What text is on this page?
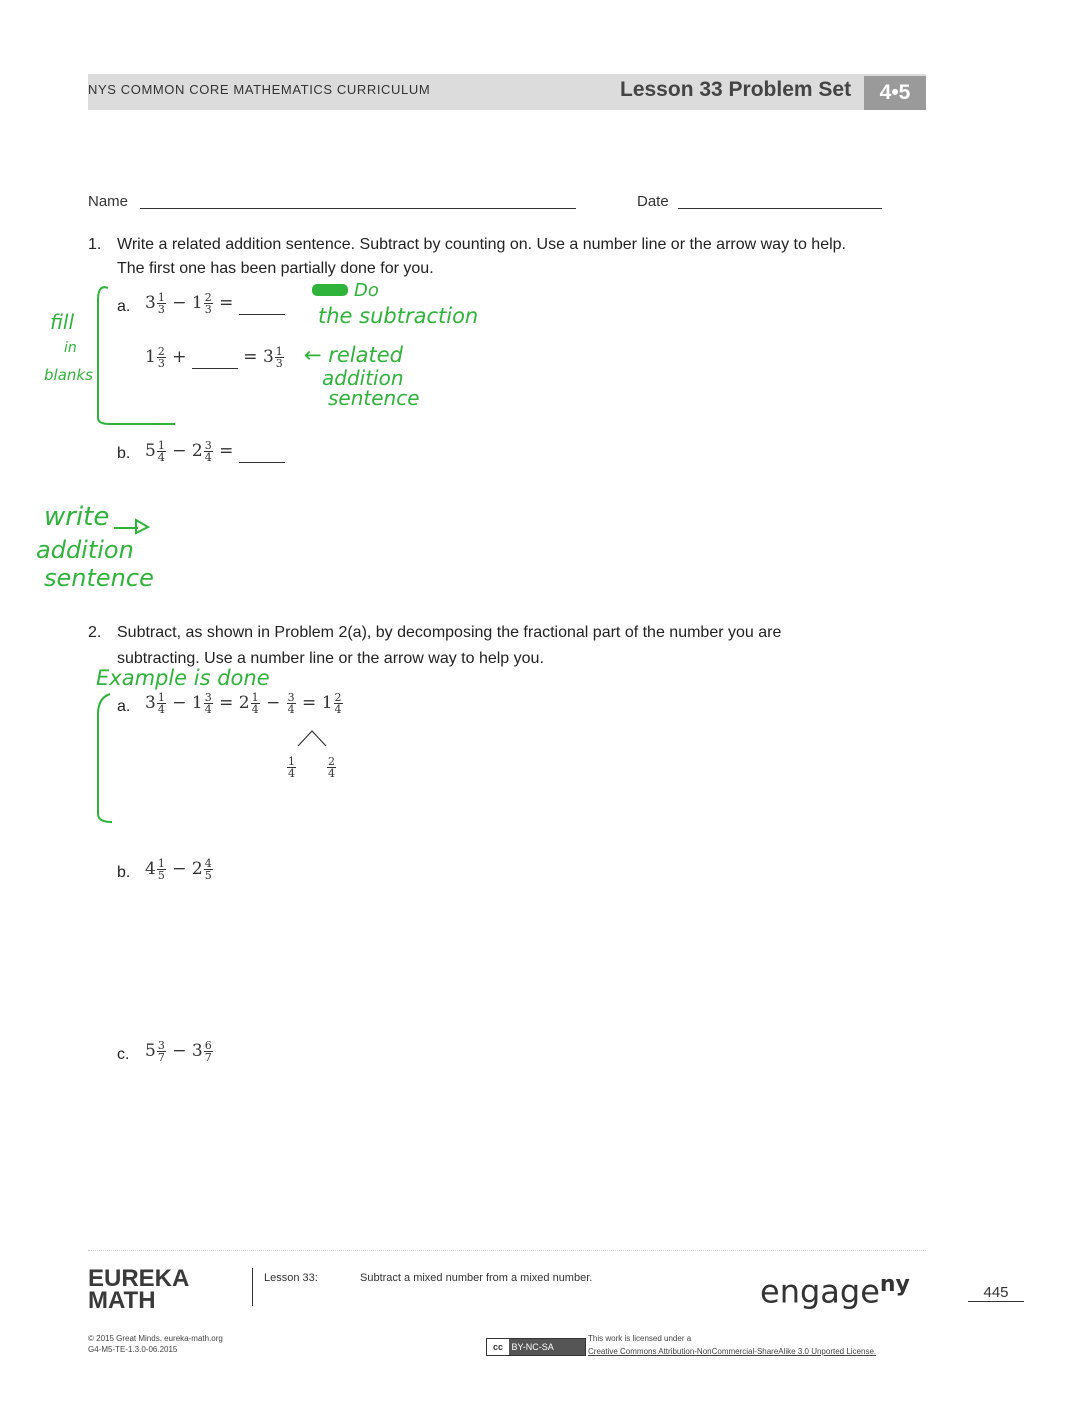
NYS COMMON CORE MATHEMATICS CURRICULUM	Lesson 33 Problem Set	4•5
Name	Date
1. Write a related addition sentence. Subtract by counting on. Use a number line or the arrow way to help.
The first one has been partially done for you.
a. $3 \frac{1}{3} - 1 \frac{2}{3}$ =
$1 \frac{2}{3}$ +	= $3 \frac{1}{3}$
b. $5 \frac{1}{4} - 2 \frac{3}{4}$ =
fill
in
blanks
Do
the subtraction
← related
addition
sentence
write
addition
sentence
2. Subtract, as shown in Problem 2(a), by decomposing the fractional part of the number you are
subtracting. Use a number line or the arrow way to help you.
Example is done
a. $3 \frac{1}{4} - 1 \frac{3}{4} = 2 \frac{1}{4} - \frac{3}{4} = 1 \frac{2}{4}$
$\frac{1}{4}$	$\frac{2}{4}$
b. $4 \frac{1}{5} - 2 \frac{4}{5}$
c. $5 \frac{3}{7} - 3 \frac{6}{7}$
EUREKA
MATH
Lesson 33:	Subtract a mixed number from a mixed number.	engage$^{ny}$	445
© 2015 Great Minds. eureka-math.org
G4-M5-TE-1.3.0-06.2015	cc BY-NC-SA
This work is licensed under a
Creative Commons Attribution-NonCommercial-ShareAlike 3.0 Unported License.
